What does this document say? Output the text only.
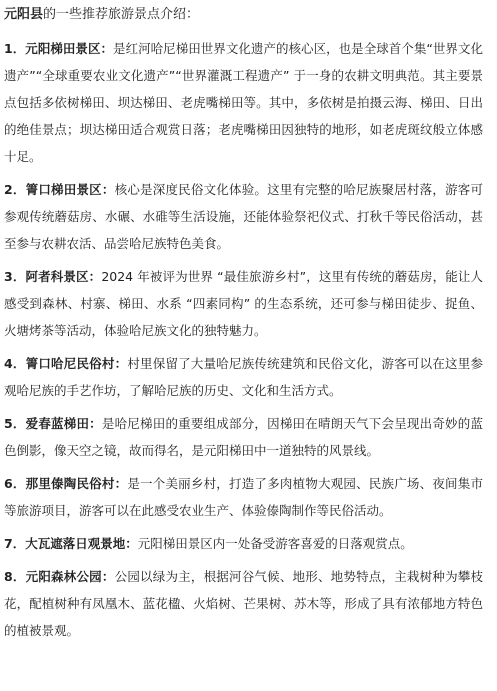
元阳县的一些推荐旅游景点介绍：

1．元阳梯田景区：是红河哈尼梯田世界文化遗产的核心区，也是全球首个集“世界文化遗产”“全球重要农业文化遗产”“世界灌溉工程遗产” 于一身的农耕文明典范。其主要景点包括多依树梯田、坝达梯田、老虎嘴梯田等。其中，多依树是拍摄云海、梯田、日出的绝佳景点；坝达梯田适合观赏日落；老虎嘴梯田因独特的地形，如老虎斑纹般立体感十足。

2．箐口梯田景区：核心是深度民俗文化体验。这里有完整的哈尼族聚居村落，游客可参观传统蘑菇房、水碾、水碓等生活设施，还能体验祭祀仪式、打秋千等民俗活动，甚至参与农耕农活、品尝哈尼族特色美食。

3．阿者科景区：2024 年被评为世界 “最佳旅游乡村”，这里有传统的蘑菇房，能让人感受到森林、村寨、梯田、水系 “四素同构” 的生态系统，还可参与梯田徒步、捉鱼、火塘烤茶等活动，体验哈尼族文化的独特魅力。

4．箐口哈尼民俗村：村里保留了大量哈尼族传统建筑和民俗文化，游客可以在这里参观哈尼族的手艺作坊，了解哈尼族的历史、文化和生活方式。

5．爱春蓝梯田：是哈尼梯田的重要组成部分，因梯田在晴朗天气下会呈现出奇妙的蓝色倒影，像天空之镜，故而得名，是元阳梯田中一道独特的风景线。

6．那里傣陶民俗村：是一个美丽乡村，打造了多肉植物大观园、民族广场、夜间集市等旅游项目，游客可以在此感受农业生产、体验傣陶制作等民俗活动。

7．大瓦遮落日观景地：元阳梯田景区内一处备受游客喜爱的日落观赏点。

8．元阳森林公园：公园以绿为主，根据河谷气候、地形、地势特点，主栽树种为攀枝花，配植树种有凤凰木、蓝花楹、火焰树、芒果树、苏木等，形成了具有浓郁地方特色的植被景观。
